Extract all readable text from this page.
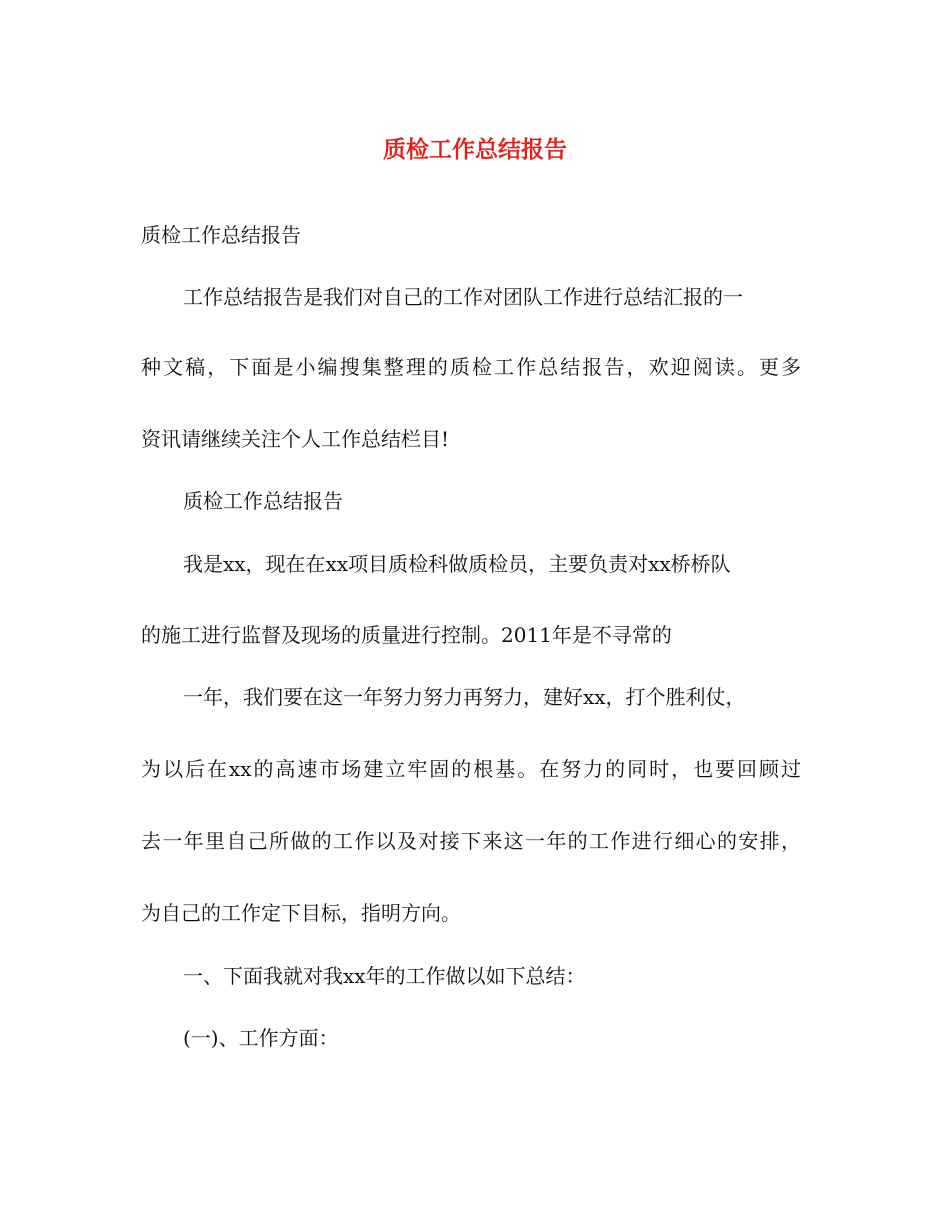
质检工作总结报告
质检工作总结报告
工作总结报告是我们对自己的工作对团队工作进行总结汇报的一
种文稿，下面是小编搜集整理的质检工作总结报告，欢迎阅读。更多
资讯请继续关注个人工作总结栏目!
质检工作总结报告
我是xx，现在在xx项目质检科做质检员，主要负责对xx桥桥队
的施工进行监督及现场的质量进行控制。2011年是不寻常的
一年，我们要在这一年努力努力再努力，建好xx，打个胜利仗，
为以后在xx的高速市场建立牢固的根基。在努力的同时，也要回顾过
去一年里自己所做的工作以及对接下来这一年的工作进行细心的安排，
为自己的工作定下目标，指明方向。
一、下面我就对我xx年的工作做以如下总结：
(一)、工作方面：
